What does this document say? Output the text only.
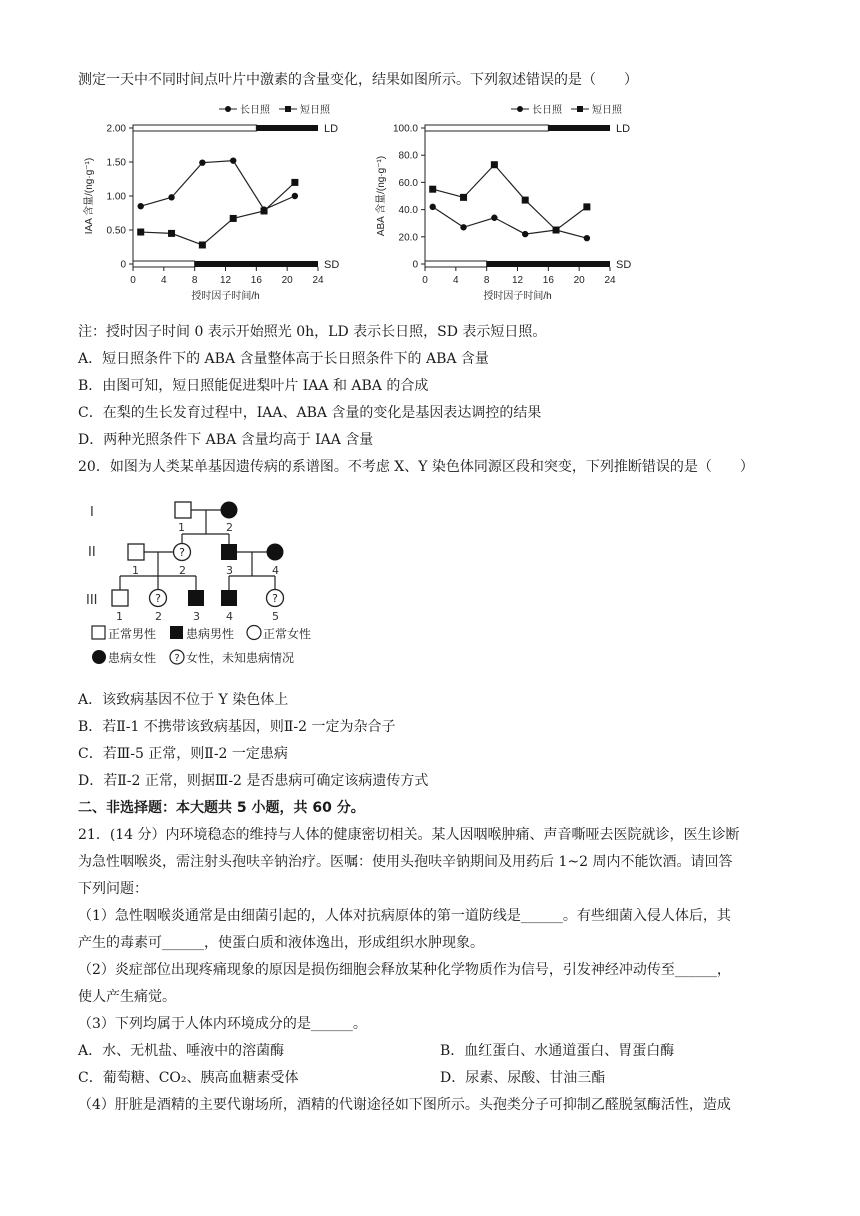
测定一天中不同时间点叶片中激素的含量变化，结果如图所示。下列叙述错误的是（　　）
长日照	短日照
LD
SD
0
0.50
1.00
1.50
2.00
0	4	8 12 16 20 24
授时因子时间/h
IAA 含量/(ng·g⁻¹)
长日照	短日照
LD
SD
0
20.0
40.0
60.0
80.0
100.0
0	4	8 12 16 20 24
授时因子时间/h
ABA 含量/(ng·g⁻¹)
注：授时因子时间 0 表示开始照光 0h，LD 表示长日照，SD 表示短日照。
A．短日照条件下的 ABA 含量整体高于长日照条件下的 ABA 含量
B．由图可知，短日照能促进梨叶片 IAA 和 ABA 的合成
C．在梨的生长发育过程中，IAA、ABA 含量的变化是基因表达调控的结果
D．两种光照条件下 ABA 含量均高于 IAA 含量
20．如图为人类某单基因遗传病的系谱图。不考虑 X、Y 染色体同源区段和突变，下列推断错误的是（　　）
I
II
III
1	2
?
1	2	3	4
?	?
1	2	3 4	5
正常男性 患病男性 正常女性
患病女性 ? 女性，未知患病情况
A．该致病基因不位于 Y 染色体上
B．若Ⅱ-1 不携带该致病基因，则Ⅱ-2 一定为杂合子
C．若Ⅲ-5 正常，则Ⅱ-2 一定患病
D．若Ⅱ-2 正常，则据Ⅲ-2 是否患病可确定该病遗传方式
二、非选择题：本大题共 5 小题，共 60 分。
21．(14 分）内环境稳态的维持与人体的健康密切相关。某人因咽喉肿痛、声音嘶哑去医院就诊，医生诊断
为急性咽喉炎，需注射头孢呋辛钠治疗。医嘱：使用头孢呋辛钠期间及用药后 1~2 周内不能饮酒。请回答
下列问题：
（1）急性咽喉炎通常是由细菌引起的，人体对抗病原体的第一道防线是______。有些细菌入侵人体后，其
产生的毒素可______，使蛋白质和液体逸出，形成组织水肿现象。
（2）炎症部位出现疼痛现象的原因是损伤细胞会释放某种化学物质作为信号，引发神经冲动传至______，
使人产生痛觉。
（3）下列均属于人体内环境成分的是______。
A．水、无机盐、唾液中的溶菌酶	B．血红蛋白、水通道蛋白、胃蛋白酶
C．葡萄糖、CO₂、胰高血糖素受体	D．尿素、尿酸、甘油三酯
（4）肝脏是酒精的主要代谢场所，酒精的代谢途径如下图所示。头孢类分子可抑制乙醛脱氢酶活性，造成
